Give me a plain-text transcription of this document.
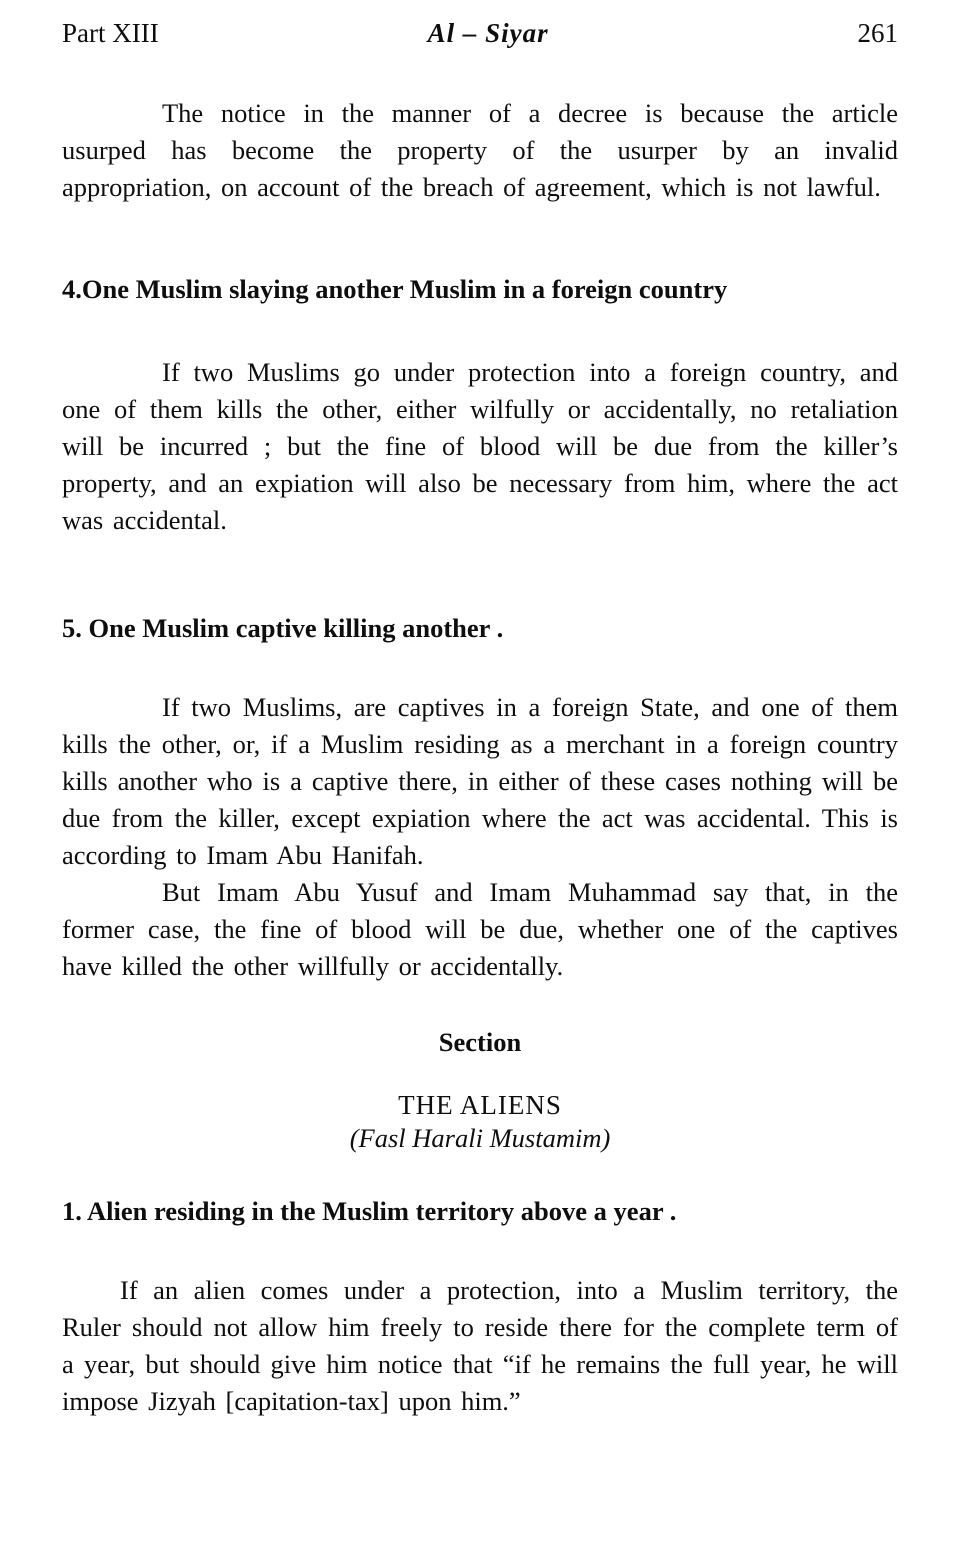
Part XIII	Al – Siyar	261

The notice in the manner of a decree is because the article usurped has become the property of the usurper by an invalid appropriation, on account of the breach of agreement, which is not lawful.

4.One Muslim slaying another Muslim in a foreign country

If two Muslims go under protection into a foreign country, and one of them kills the other, either wilfully or accidentally, no retaliation will be incurred ; but the fine of blood will be due from the killer’s property, and an expiation will also be necessary from him, where the act was accidental.

5. One Muslim captive killing another .

If two Muslims, are captives in a foreign State, and one of them kills the other, or, if a Muslim residing as a merchant in a foreign country kills another who is a captive there, in either of these cases nothing will be due from the killer, except expiation where the act was accidental. This is according to Imam Abu Hanifah.

But Imam Abu Yusuf and Imam Muhammad say that, in the former case, the fine of blood will be due, whether one of the captives have killed the other willfully or accidentally.

Section
THE ALIENS
(Fasl Harali Mustamim)
1. Alien residing in the Muslim territory above a year .

If an alien comes under a protection, into a Muslim territory, the Ruler should not allow him freely to reside there for the complete term of a year, but should give him notice that “if he remains the full year, he will impose Jizyah [capitation-tax] upon him.”
